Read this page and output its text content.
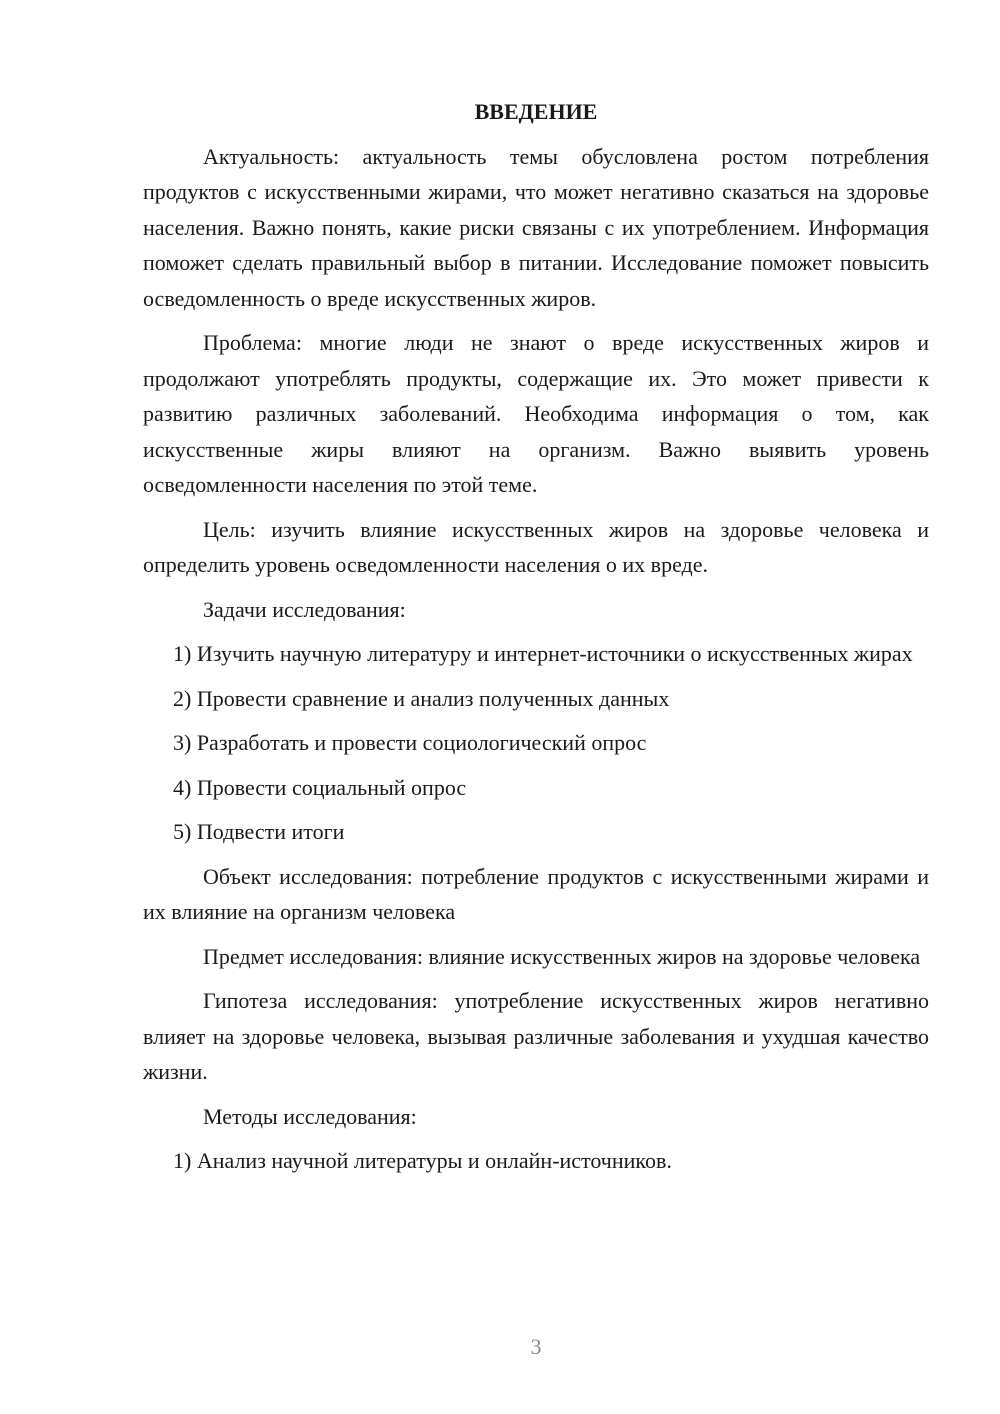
ВВЕДЕНИЕ

Актуальность: актуальность темы обусловлена ростом потребления продуктов с искусственными жирами, что может негативно сказаться на здоровье населения. Важно понять, какие риски связаны с их употреблением. Информация поможет сделать правильный выбор в питании. Исследование поможет повысить осведомленность о вреде искусственных жиров.

Проблема: многие люди не знают о вреде искусственных жиров и продолжают употреблять продукты, содержащие их. Это может привести к развитию различных заболеваний. Необходима информация о том, как искусственные жиры влияют на организм. Важно выявить уровень осведомленности населения по этой теме.

Цель: изучить влияние искусственных жиров на здоровье человека и определить уровень осведомленности населения о их вреде.

Задачи исследования:

1) Изучить научную литературу и интернет-источники о искусственных жирах

2) Провести сравнение и анализ полученных данных

3) Разработать и провести социологический опрос

4) Провести социальный опрос

5) Подвести итоги

Объект исследования: потребление продуктов с искусственными жирами и их влияние на организм человека

Предмет исследования: влияние искусственных жиров на здоровье человека

Гипотеза исследования: употребление искусственных жиров негативно влияет на здоровье человека, вызывая различные заболевания и ухудшая качество жизни.

Методы исследования:

1) Анализ научной литературы и онлайн-источников.

3
